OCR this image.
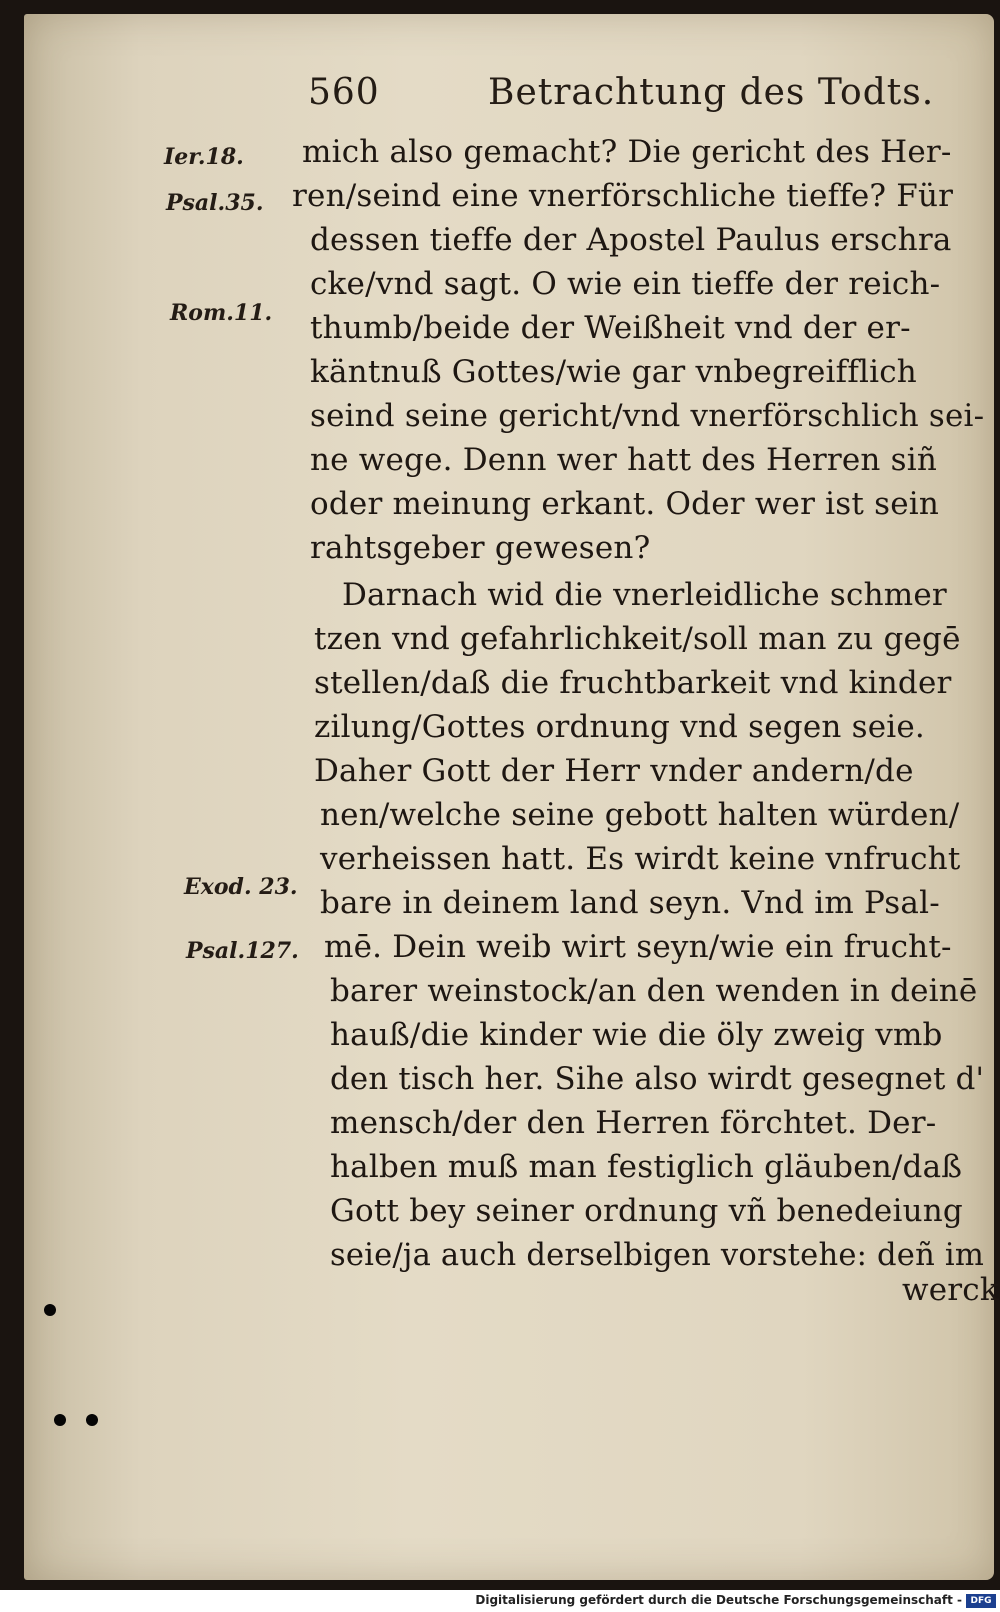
560	Betrachtung des Todts.
Ier.18.
Psal.35.
Rom.11.
Exod. 23.
Psal.127.
mich also gemacht? Die gericht des Her-
ren/seind eine vnerförschliche tieffe? Für
dessen tieffe der Apostel Paulus erschra
cke/vnd sagt. O wie ein tieffe der reich-
thumb/beide der Weißheit vnd der er-
käntnuß Gottes/wie gar vnbegreifflich
seind seine gericht/vnd vnerförschlich sei-
ne wege. Denn wer hatt des Herren siñ
oder meinung erkant. Oder wer ist sein
rahtsgeber gewesen?
Darnach wid die vnerleidliche schmer
tzen vnd gefahrlichkeit/soll man zu gegē
stellen/daß die fruchtbarkeit vnd kinder
zilung/Gottes ordnung vnd segen seie.
Daher Gott der Herr vnder andern/de
nen/welche seine gebott halten würden/
verheissen hatt. Es wirdt keine vnfrucht
bare in deinem land seyn. Vnd im Psal-
mē. Dein weib wirt seyn/wie ein frucht-
barer weinstock/an den wenden in deinē
hauß/die kinder wie die öly zweig vmb
den tisch her. Sihe also wirdt gesegnet d'
mensch/der den Herren förchtet. Der-
halben muß man festiglich gläuben/daß
Gott bey seiner ordnung vñ benedeiung
seie/ja auch derselbigen vorstehe: deñ im
werck
Digitalisierung gefördert durch die Deutsche Forschungsgemeinschaft - DFG
